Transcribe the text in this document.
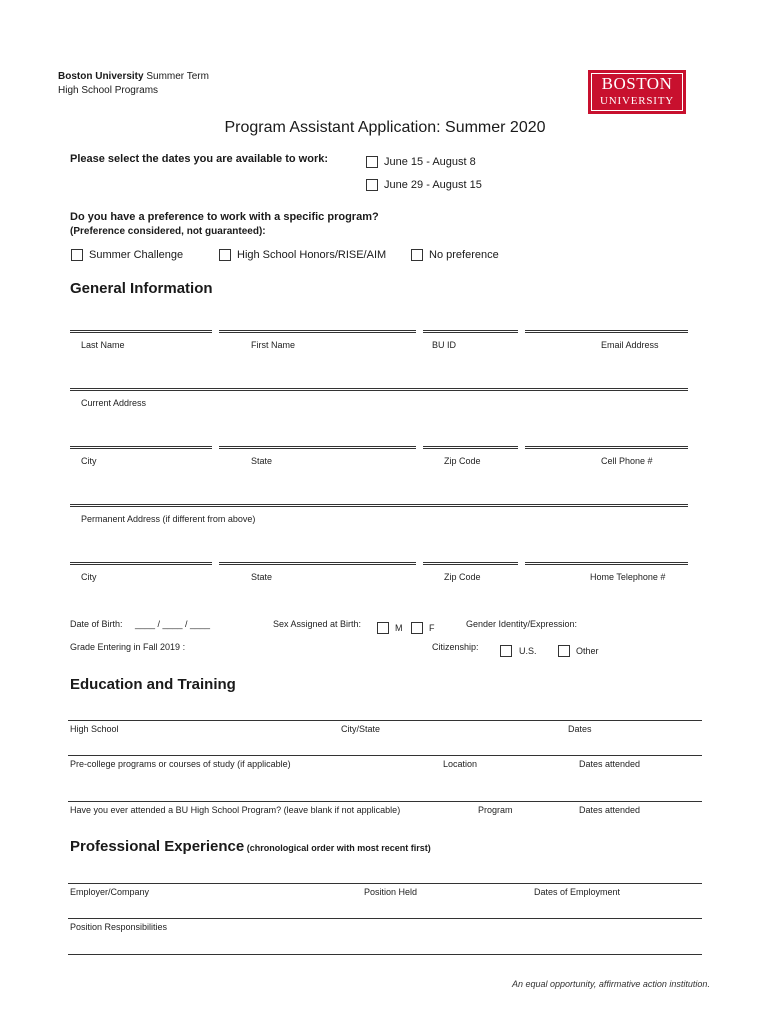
Boston University Summer Term
High School Programs	BOSTON
UNIVERSITY
Program Assistant Application: Summer 2020
Please select the dates you are available to work:	June 15 - August 8
June 29 - August 15
Do you have a preference to work with a specific program?
(Preference considered, not guaranteed):
Summer Challenge	High School Honors/RISE/AIM	No preference
General Information
Last Name	First Name	BU ID	Email Address
Current Address
City	State	Zip Code	Cell Phone #
Permanent Address (if different from above)
City	State	Zip Code	Home Telephone #
Date of Birth: ____ / ____ / ____	Sex Assigned at Birth:	M	F	Gender Identity/Expression:
Grade Entering in Fall 2019 :	Citizenship:	U.S.	Other
Education and Training
High School	City/State	Dates
Pre-college programs or courses of study (if applicable)	Location	Dates attended
Have you ever attended a BU High School Program? (leave blank if not applicable)	Program	Dates attended
Professional Experience (chronological order with most recent first)
Employer/Company	Position Held	Dates of Employment
Position Responsibilities
An equal opportunity, affirmative action institution.
